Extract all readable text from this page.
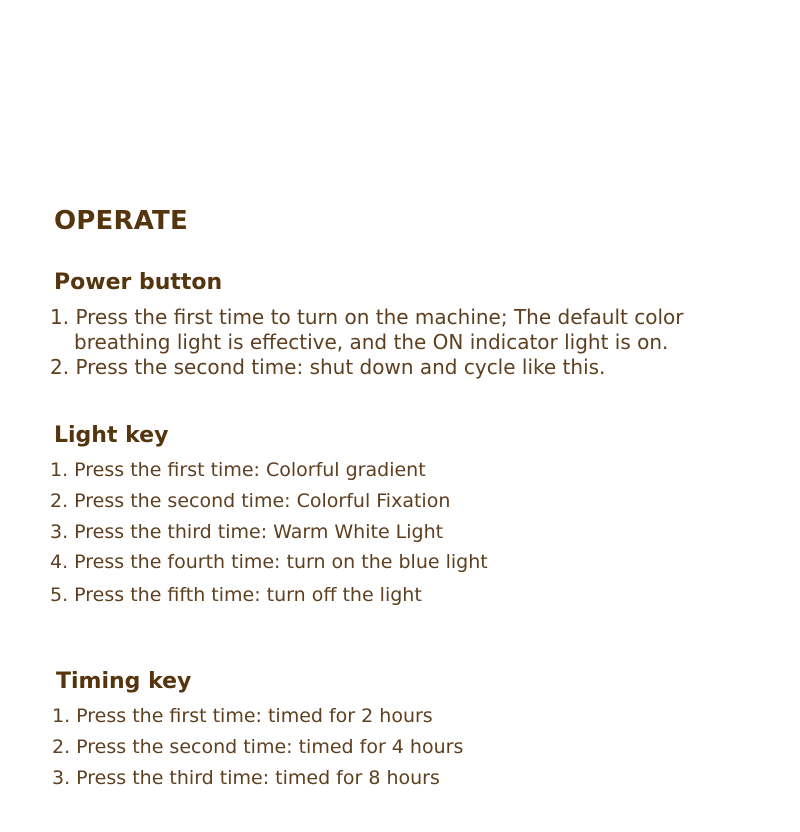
OPERATE
Power button
1. Press the first time to turn on the machine; The default color
breathing light is effective, and the ON indicator light is on.
2. Press the second time: shut down and cycle like this.
Light key
1. Press the first time: Colorful gradient
2. Press the second time: Colorful Fixation
3. Press the third time: Warm White Light
4. Press the fourth time: turn on the blue light
5. Press the fifth time: turn off the light
Timing key
1. Press the first time: timed for 2 hours
2. Press the second time: timed for 4 hours
3. Press the third time: timed for 8 hours
